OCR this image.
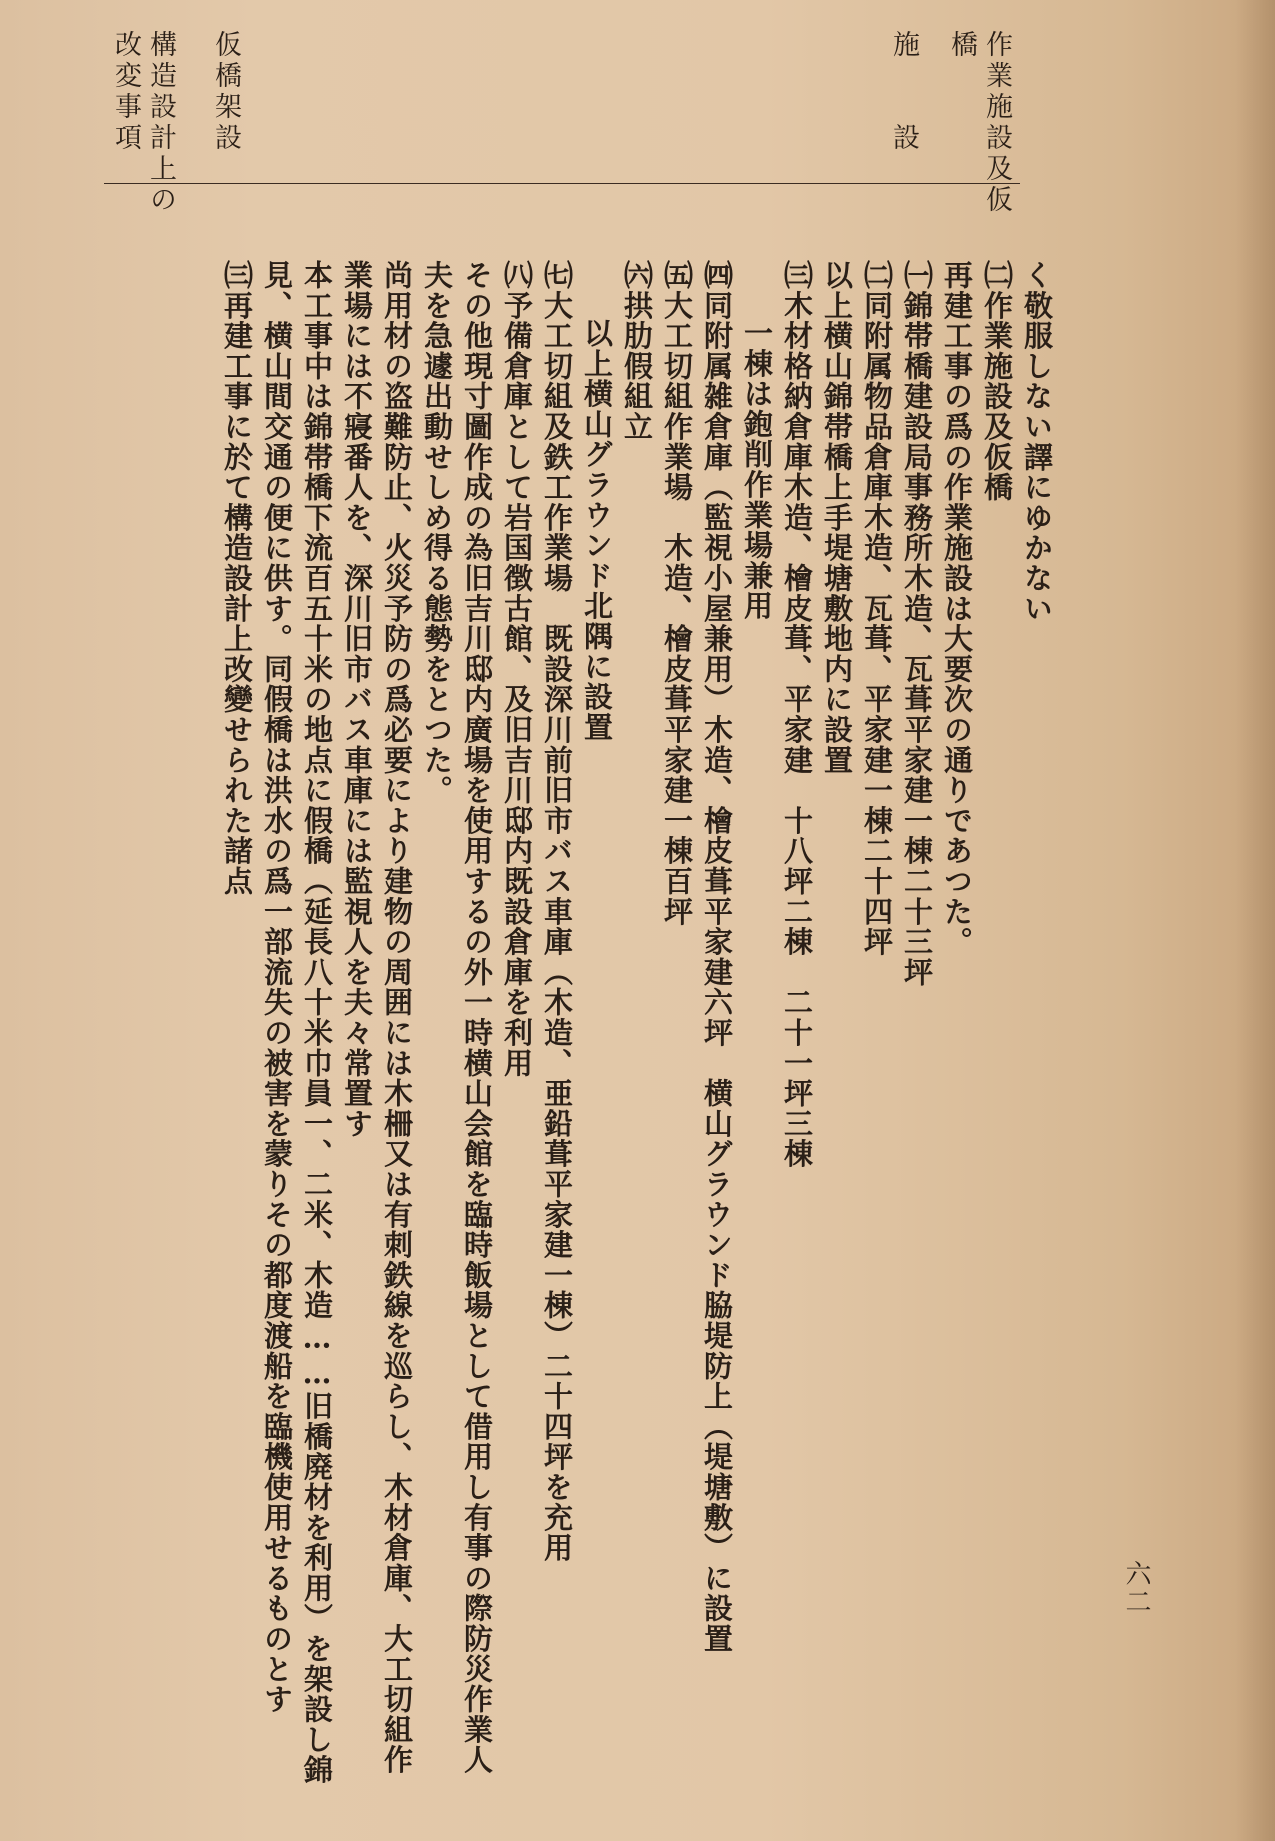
作業施設及仮
橋
施　　設
仮橋架設
構造設計上の
改変事項
く敬服しない譯にゆかない
㈡作業施設及仮橋
再建工事の爲の作業施設は大要次の通りであつた。
㈠錦帯橋建設局事務所木造、瓦葺平家建一棟二十三坪
㈡同附属物品倉庫木造、瓦葺、平家建一棟二十四坪
以上横山錦帯橋上手堤塘敷地内に設置
㈢木材格納倉庫木造、檜皮葺、平家建　十八坪二棟　二十一坪三棟
一棟は鉋削作業場兼用
㈣同附属雑倉庫（監視小屋兼用）木造、檜皮葺平家建六坪　横山グラウンド脇堤防上（堤塘敷）に設置
㈤大工切組作業場　木造、檜皮葺平家建一棟百坪
㈥拱肋假組立
以上横山グラウンド北隅に設置
㈦大工切組及鉄工作業場　既設深川前旧市バス車庫（木造、亜鉛葺平家建一棟）二十四坪を充用
㈧予備倉庫として岩国徴古館、及旧吉川邸内既設倉庫を利用
その他現寸圖作成の為旧吉川邸内廣場を使用するの外一時横山会館を臨時飯場として借用し有事の際防災作業人
夫を急遽出動せしめ得る態勢をとつた。
尚用材の盗難防止、火災予防の爲必要により建物の周囲には木柵又は有刺鉄線を巡らし、木材倉庫、大工切組作
業場には不寢番人を、深川旧市バス車庫には監視人を夫々常置す
本工事中は錦帯橋下流百五十米の地点に假橋（延長八十米巾員一、二米、木造……旧橋廃材を利用）を架設し錦
見、横山間交通の便に供す。同假橋は洪水の爲一部流失の被害を蒙りその都度渡船を臨機使用せるものとす
㈢再建工事に於て構造設計上改變せられた諸点
六二
